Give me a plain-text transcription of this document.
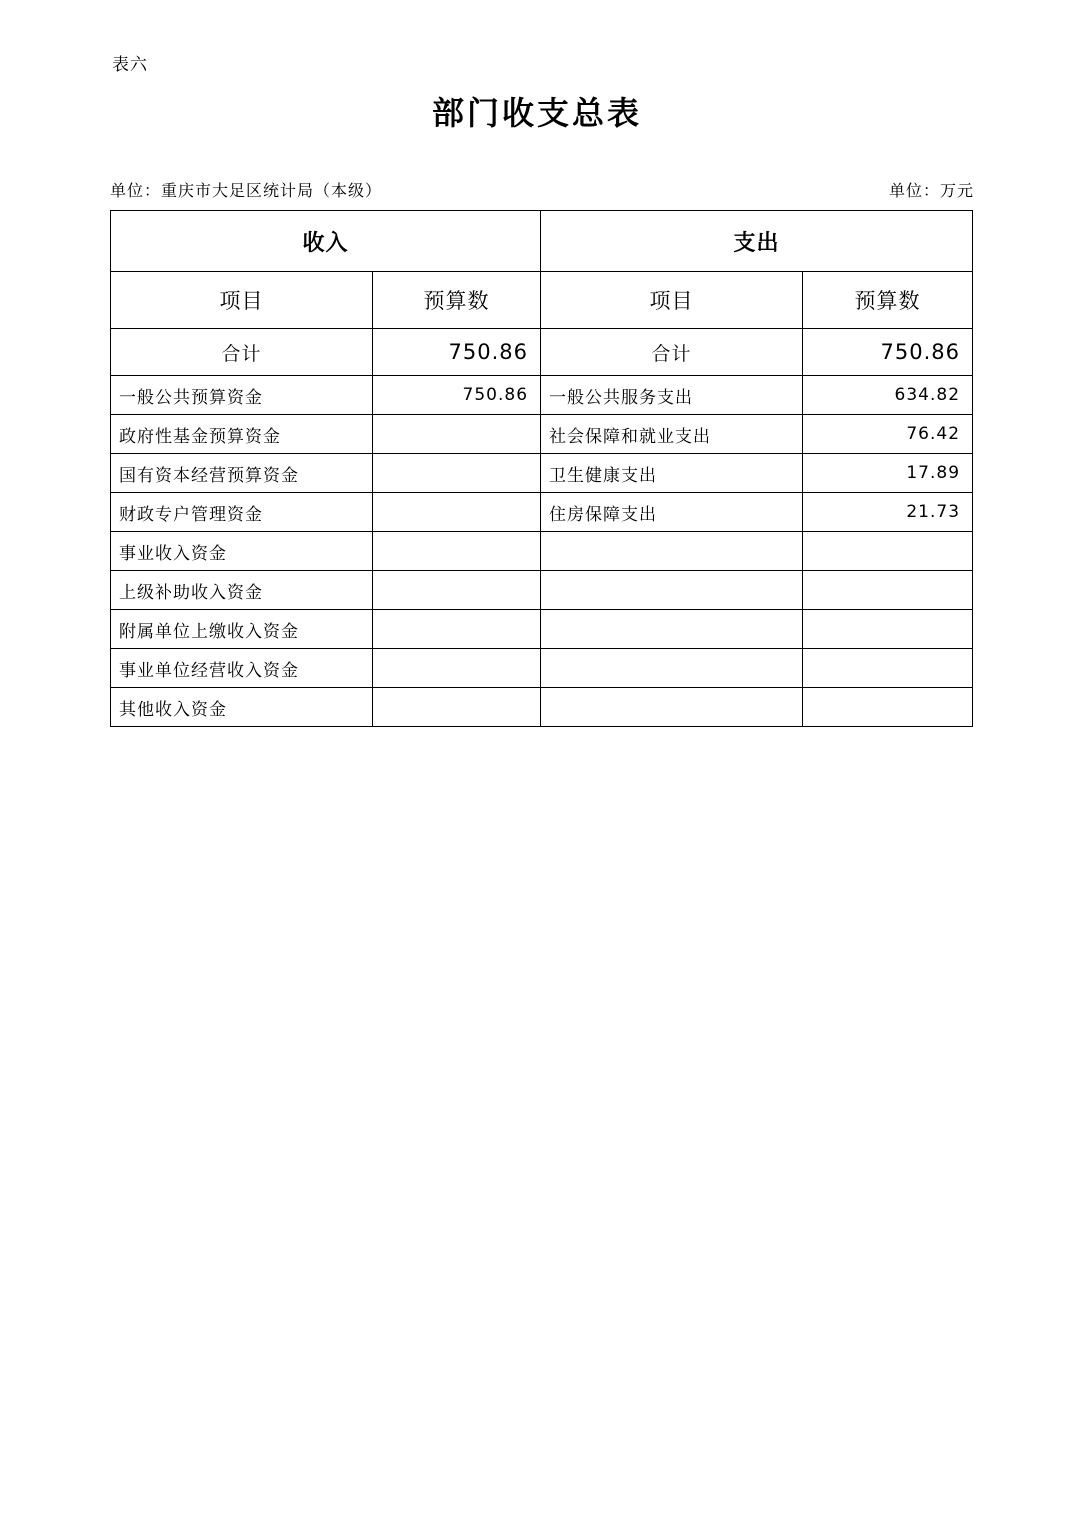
表六
部门收支总表
单位：重庆市大足区统计局（本级）	单位：万元
收入		支出	
项目	预算数	项目	预算数
合计	750.86	合计	750.86
一般公共预算资金	750.86	一般公共服务支出	634.82
政府性基金预算资金		社会保障和就业支出	76.42
国有资本经营预算资金		卫生健康支出	17.89
财政专户管理资金		住房保障支出	21.73
事业收入资金			
上级补助收入资金			
附属单位上缴收入资金			
事业单位经营收入资金			
其他收入资金			
